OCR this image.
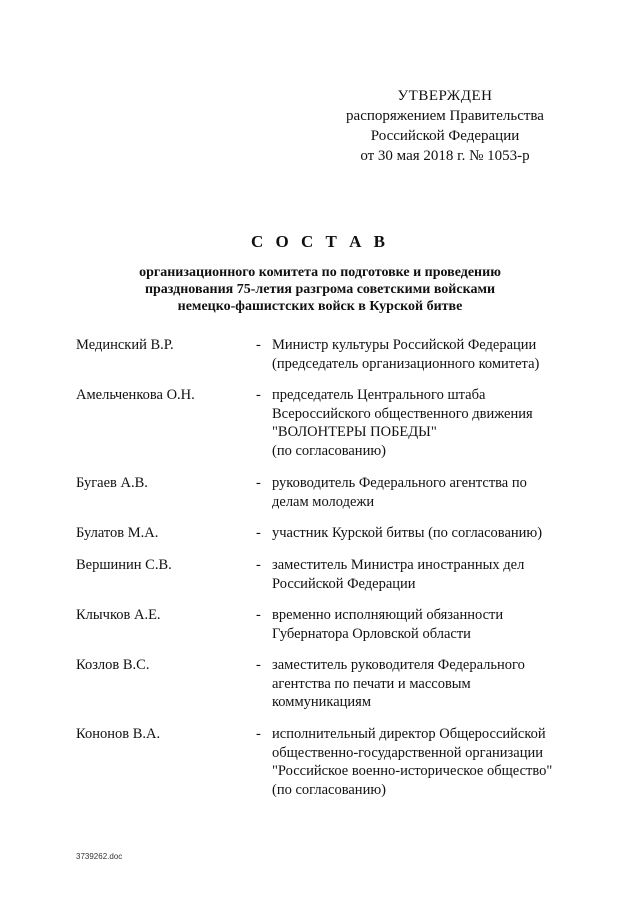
УТВЕРЖДЕН
распоряжением Правительства
Российской Федерации
от 30 мая 2018 г. № 1053-р
С О С Т А В
организационного комитета по подготовке и проведению
празднования 75-летия разгрома советскими войсками
немецко-фашистских войск в Курской битве
Мединский В.Р.	- Министр культуры Российской Федерации
(председатель организационного комитета)
Амельченкова О.Н.	- председатель Центрального штаба
Всероссийского общественного движения
"ВОЛОНТЕРЫ ПОБЕДЫ"
(по согласованию)
Бугаев А.В.	- руководитель Федерального агентства по
делам молодежи
Булатов М.А.	- участник Курской битвы (по согласованию)
Вершинин С.В.	- заместитель Министра иностранных дел
Российской Федерации
Клычков А.Е.	- временно исполняющий обязанности
Губернатора Орловской области
Козлов В.С.	- заместитель руководителя Федерального
агентства по печати и массовым
коммуникациям
Кононов В.А.	- исполнительный директор Общероссийской
общественно-государственной организации
"Российское военно-историческое общество"
(по согласованию)
3739262.doc
